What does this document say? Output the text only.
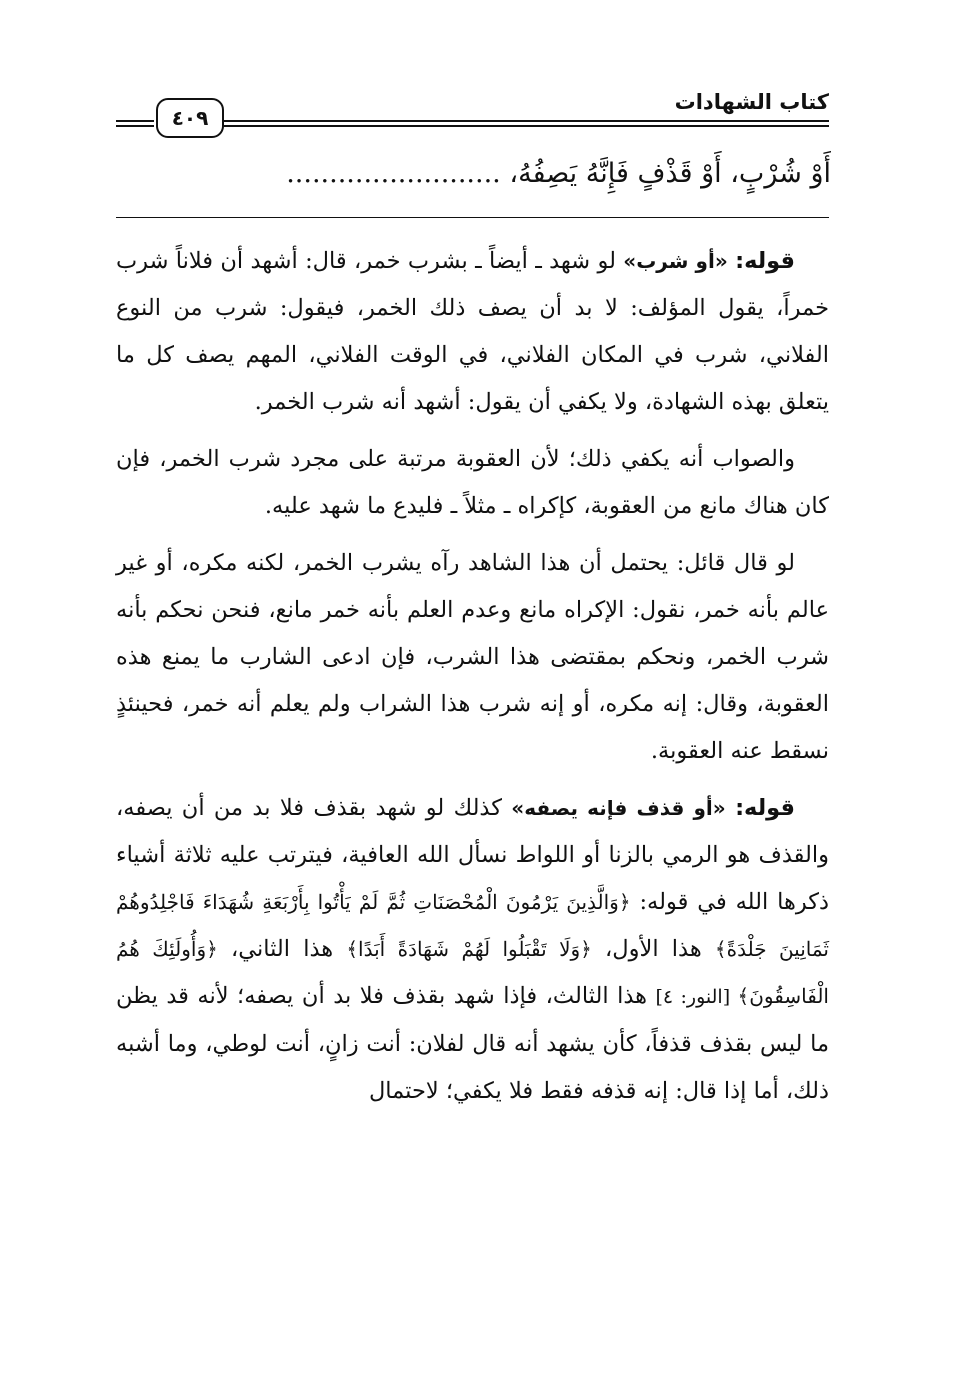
كتاب الشهادات
٤٠٩
أَوْ شُرْبٍ، أَوْ قَذْفٍ فَإِنَّهُ يَصِفُهُ، .........................

قوله: «أو شرب» لو شهد ـ أيضاً ـ بشرب خمر، قال: أشهد أن فلاناً شرب خمراً، يقول المؤلف: لا بد أن يصف ذلك الخمر، فيقول: شرب من النوع الفلاني، شرب في المكان الفلاني، في الوقت الفلاني، المهم يصف كل ما يتعلق بهذه الشهادة، ولا يكفي أن يقول: أشهد أنه شرب الخمر.

والصواب أنه يكفي ذلك؛ لأن العقوبة مرتبة على مجرد شرب الخمر، فإن كان هناك مانع من العقوبة، كإكراه ـ مثلاً ـ فليدع ما شهد عليه.

لو قال قائل: يحتمل أن هذا الشاهد رآه يشرب الخمر، لكنه مكره، أو غير عالم بأنه خمر، نقول: الإكراه مانع وعدم العلم بأنه خمر مانع، فنحن نحكم بأنه شرب الخمر، ونحكم بمقتضى هذا الشرب، فإن ادعى الشارب ما يمنع هذه العقوبة، وقال: إنه مكره، أو إنه شرب هذا الشراب ولم يعلم أنه خمر، فحينئذٍ نسقط عنه العقوبة.

قوله: «أو قذف فإنه يصفه» كذلك لو شهد بقذف فلا بد من أن يصفه، والقذف هو الرمي بالزنا أو اللواط نسأل الله العافية، فيترتب عليه ثلاثة أشياء ذكرها الله في قوله: ﴿وَالَّذِينَ يَرْمُونَ الْمُحْصَنَاتِ ثُمَّ لَمْ يَأْتُوا بِأَرْبَعَةِ شُهَدَاءَ فَاجْلِدُوهُمْ ثَمَانِينَ جَلْدَةً﴾ هذا الأول، ﴿وَلَا تَقْبَلُوا لَهُمْ شَهَادَةً أَبَدًا﴾ هذا الثاني، ﴿وَأُولَئِكَ هُمُ الْفَاسِقُونَ﴾ [النور: ٤] هذا الثالث، فإذا شهد بقذف فلا بد أن يصفه؛ لأنه قد يظن ما ليس بقذف قذفاً، كأن يشهد أنه قال لفلان: أنت زانٍ، أنت لوطي، وما أشبه ذلك، أما إذا قال: إنه قذفه فقط فلا يكفي؛ لاحتمال
